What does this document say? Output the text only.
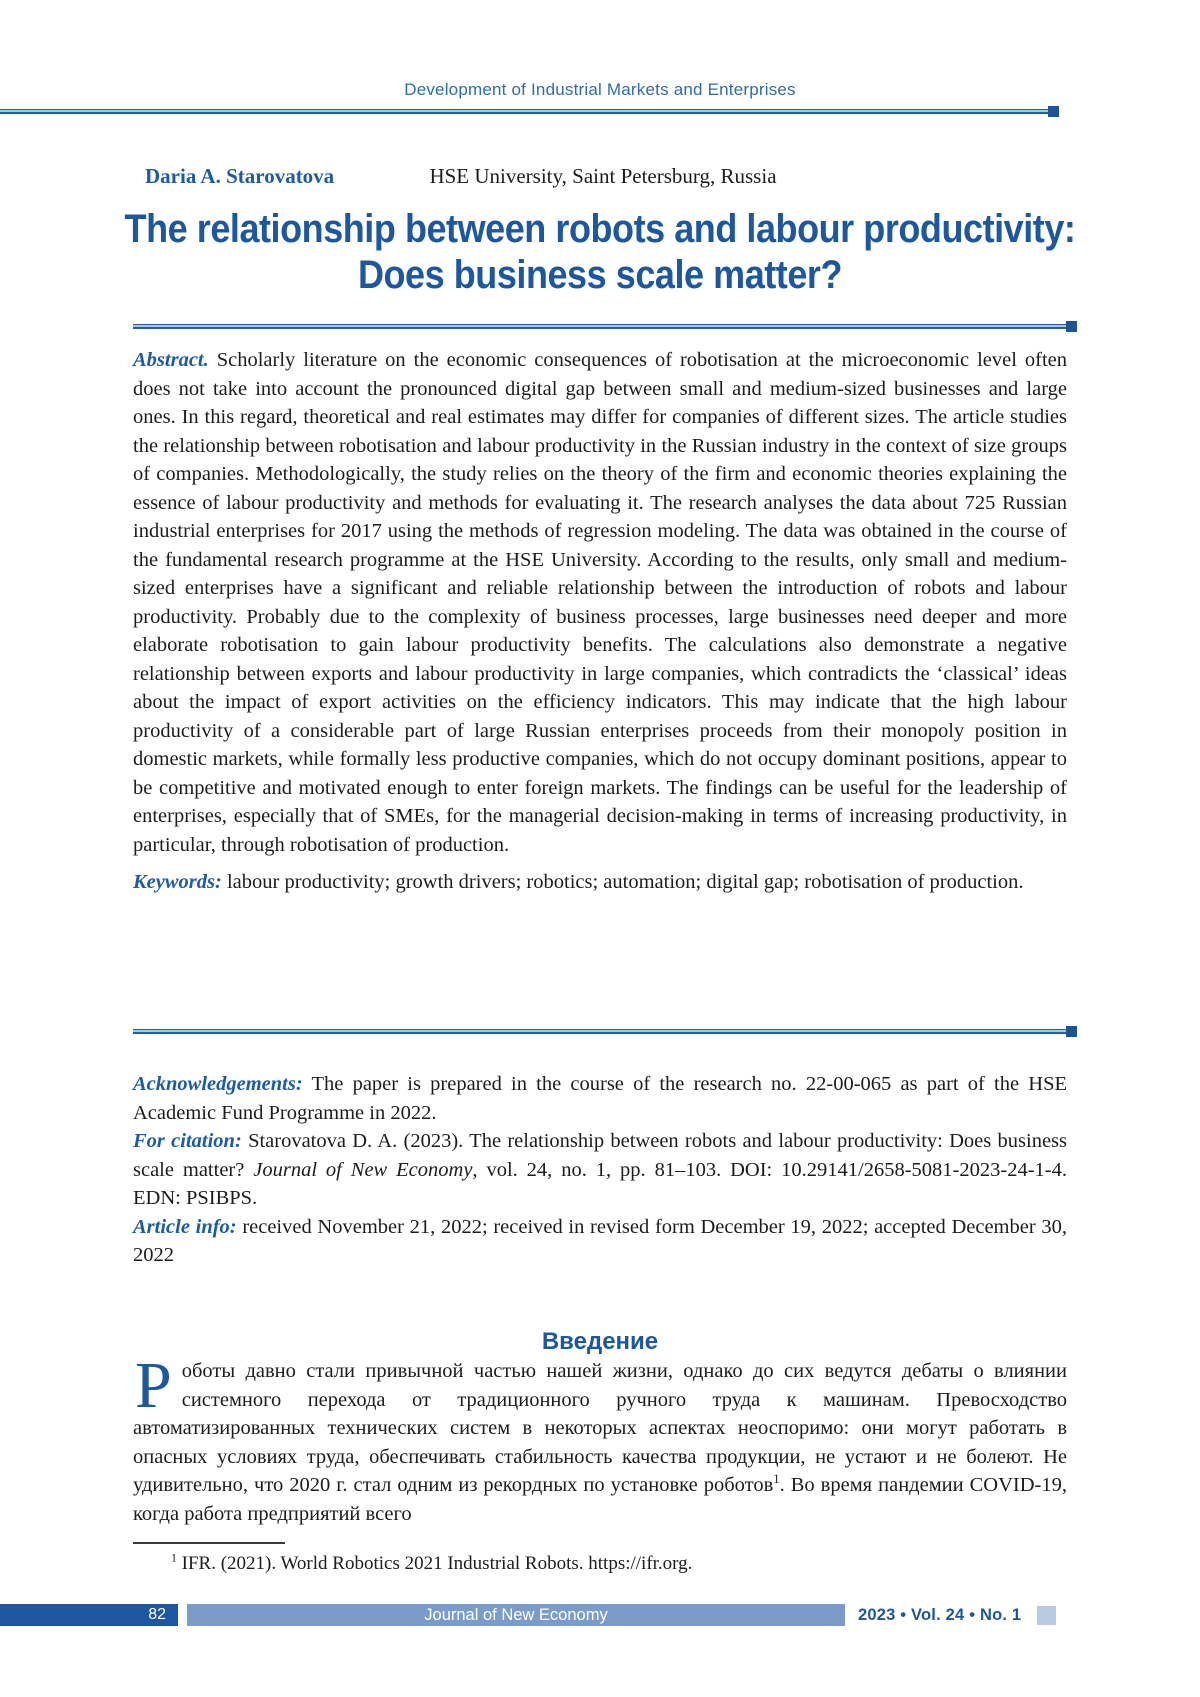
Development of Industrial Markets and Enterprises
Daria A. Starovatova	HSE University, Saint Petersburg, Russia
The relationship between robots and labour productivity:
Does business scale matter?

Abstract. Scholarly literature on the economic consequences of robotisation at the microeconomic level often does not take into account the pronounced digital gap between small and medium-sized businesses and large ones. In this regard, theoretical and real estimates may differ for companies of different sizes. The article studies the relationship between robotisation and labour productivity in the Russian industry in the context of size groups of companies. Methodologically, the study relies on the theory of the firm and economic theories explaining the essence of labour productivity and methods for evaluating it. The research analyses the data about 725 Russian industrial enterprises for 2017 using the methods of regression modeling. The data was obtained in the course of the fundamental research programme at the HSE University. According to the results, only small and medium-sized enterprises have a significant and reliable relationship between the introduction of robots and labour productivity. Probably due to the complexity of business processes, large businesses need deeper and more elaborate robotisation to gain labour productivity benefits. The calculations also demonstrate a negative relationship between exports and labour productivity in large companies, which contradicts the ‘classical’ ideas about the impact of export activities on the efficiency indicators. This may indicate that the high labour productivity of a considerable part of large Russian enterprises proceeds from their monopoly position in domestic markets, while formally less productive companies, which do not occupy dominant positions, appear to be competitive and motivated enough to enter foreign markets. The findings can be useful for the leadership of enterprises, especially that of SMEs, for the managerial decision-making in terms of increasing productivity, in particular, through robotisation of production.

Keywords: labour productivity; growth drivers; robotics; automation; digital gap; robotisation of production.

Acknowledgements: The paper is prepared in the course of the research no. 22-00-065 as part of the HSE Academic Fund Programme in 2022.

For citation: Starovatova D. A. (2023). The relationship between robots and labour productivity: Does business scale matter? Journal of New Economy, vol. 24, no. 1, pp. 81–103. DOI: 10.29141/2658-5081-2023-24-1-4. EDN: PSIBPS.

Article info: received November 21, 2022; received in revised form December 19, 2022; accepted December 30, 2022

Введение

Роботы давно стали привычной частью нашей жизни, однако до сих ведутся дебаты о влиянии системного перехода от традиционного ручного труда к машинам. Превосходство автоматизированных технических систем в некоторых аспектах неоспоримо: они могут работать в опасных условиях труда, обеспечивать стабильность качества продукции, не устают и не болеют. Не удивительно, что 2020 г. стал одним из рекордных по установке роботов$^1$. Во время пандемии COVID-19, когда работа предприятий всего

$^1$ IFR. (2021). World Robotics 2021 Industrial Robots. https://ifr.org.

82	Journal of New Economy	2023 • Vol. 24 • No. 1
